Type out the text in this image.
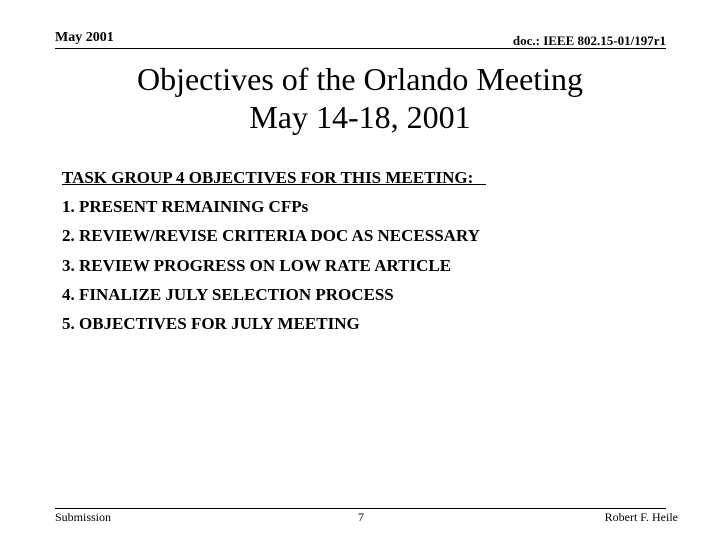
May 2001	doc.: IEEE 802.15-01/197r1
Objectives of the Orlando Meeting
May 14-18, 2001
TASK GROUP 4 OBJECTIVES FOR THIS MEETING:
1. PRESENT REMAINING CFPs
2. REVIEW/REVISE CRITERIA DOC AS NECESSARY
3. REVIEW PROGRESS ON LOW RATE ARTICLE
4. FINALIZE JULY SELECTION PROCESS
5. OBJECTIVES FOR JULY MEETING
Submission	7	Robert F. Heile
